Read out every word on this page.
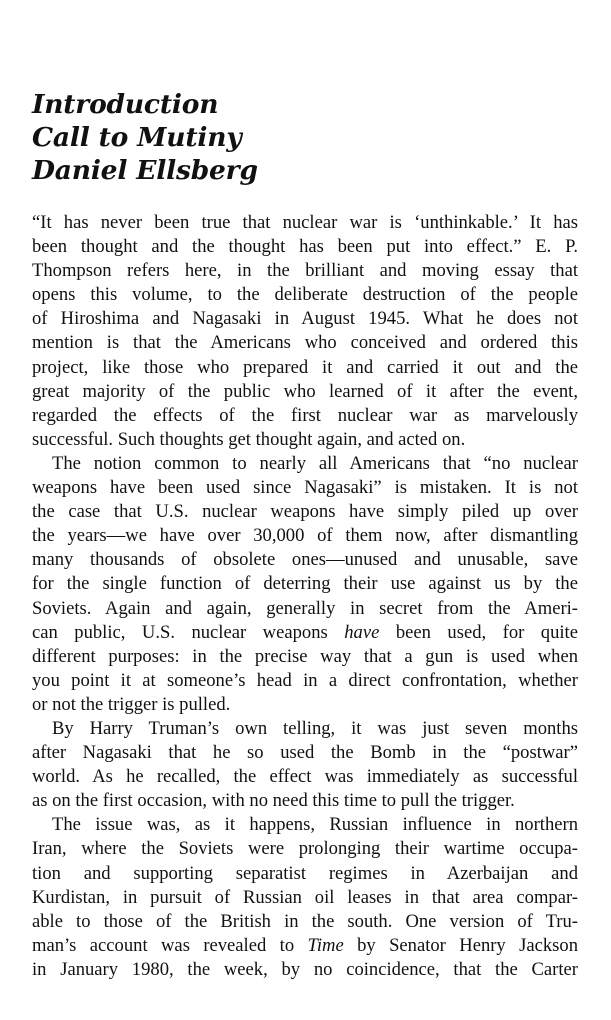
Introduction
Call to Mutiny
Daniel Ellsberg
“It has never been true that nuclear war is ‘unthinkable.’ It has
been thought and the thought has been put into effect.” E. P.
Thompson refers here, in the brilliant and moving essay that
opens this volume, to the deliberate destruction of the people
of Hiroshima and Nagasaki in August 1945. What he does not
mention is that the Americans who conceived and ordered this
project, like those who prepared it and carried it out and the
great majority of the public who learned of it after the event,
regarded the effects of the first nuclear war as marvelously
successful. Such thoughts get thought again, and acted on.
The notion common to nearly all Americans that “no nuclear
weapons have been used since Nagasaki” is mistaken. It is not
the case that U.S. nuclear weapons have simply piled up over
the years—we have over 30,000 of them now, after dismantling
many thousands of obsolete ones—unused and unusable, save
for the single function of deterring their use against us by the
Soviets. Again and again, generally in secret from the Ameri-
can public, U.S. nuclear weapons have been used, for quite
different purposes: in the precise way that a gun is used when
you point it at someone’s head in a direct confrontation, whether
or not the trigger is pulled.
By Harry Truman’s own telling, it was just seven months
after Nagasaki that he so used the Bomb in the “postwar”
world. As he recalled, the effect was immediately as successful
as on the first occasion, with no need this time to pull the trigger.
The issue was, as it happens, Russian influence in northern
Iran, where the Soviets were prolonging their wartime occupa-
tion and supporting separatist regimes in Azerbaijan and
Kurdistan, in pursuit of Russian oil leases in that area compar-
able to those of the British in the south. One version of Tru-
man’s account was revealed to Time by Senator Henry Jackson
in January 1980, the week, by no coincidence, that the Carter
